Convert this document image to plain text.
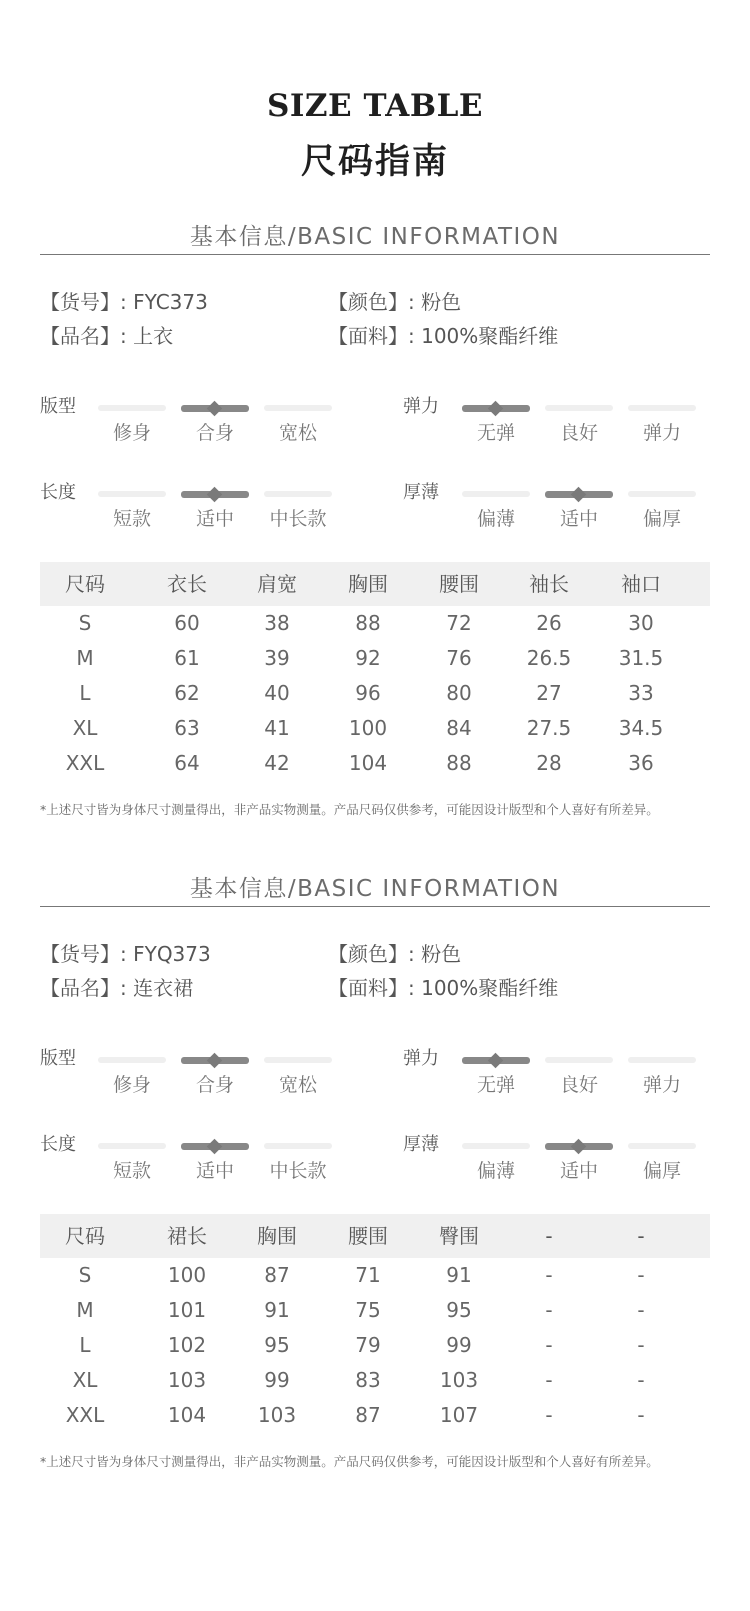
SIZE TABLE
尺码指南
基本信息/BASIC INFORMATION
【货号】: FYC373	【颜色】: 粉色
【品名】: 上衣	【面料】: 100%聚酯纤维
版型
修身	合身	宽松
弹力
无弹	良好	弹力
长度
短款	适中	中长款
厚薄
偏薄	适中	偏厚
尺码	衣长	肩宽	胸围	腰围	袖长	袖口
S	60	38	88	72	26	30
M	61	39	92	76	26.5	31.5
L	62	40	96	80	27	33
XL	63	41	100	84	27.5	34.5
XXL	64	42	104	88	28	36
*上述尺寸皆为身体尺寸测量得出，非产品实物测量。产品尺码仅供参考，可能因设计版型和个人喜好有所差异。
基本信息/BASIC INFORMATION
【货号】: FYQ373	【颜色】: 粉色
【品名】: 连衣裙	【面料】: 100%聚酯纤维
版型
修身	合身	宽松
弹力
无弹	良好	弹力
长度
短款	适中	中长款
厚薄
偏薄	适中	偏厚
尺码	裙长	胸围	腰围	臀围	-	-
S	100	87	71	91	-	-
M	101	91	75	95	-	-
L	102	95	79	99	-	-
XL	103	99	83	103	-	-
XXL	104	103	87	107	-	-
*上述尺寸皆为身体尺寸测量得出，非产品实物测量。产品尺码仅供参考，可能因设计版型和个人喜好有所差异。
